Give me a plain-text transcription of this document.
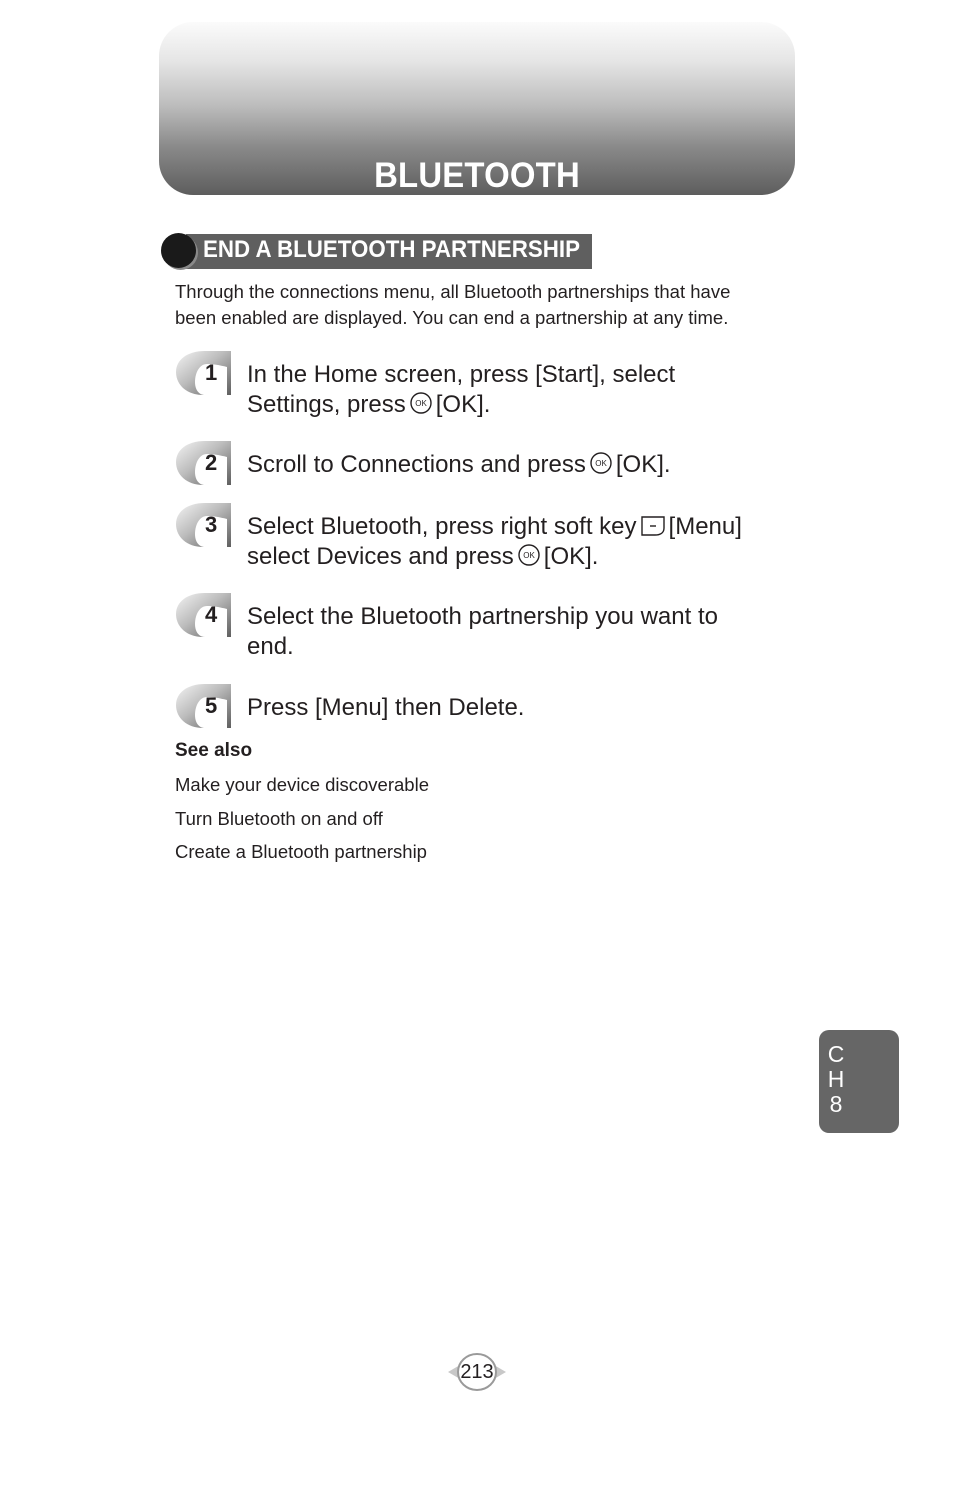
BLUETOOTH
END A BLUETOOTH PARTNERSHIP
Through the connections menu, all Bluetooth partnerships that have
been enabled are displayed. You can end a partnership at any time.
1 In the Home screen, press [Start], select
Settings, press OK [OK].
2 Scroll to Connections and press OK [OK].
3 Select Bluetooth, press right soft key [Menu]
select Devices and press OK [OK].
4 Select the Bluetooth partnership you want to
end.
5 Press [Menu] then Delete.
See also
Make your device discoverable
Turn Bluetooth on and off
Create a Bluetooth partnership
C
H
8
213
